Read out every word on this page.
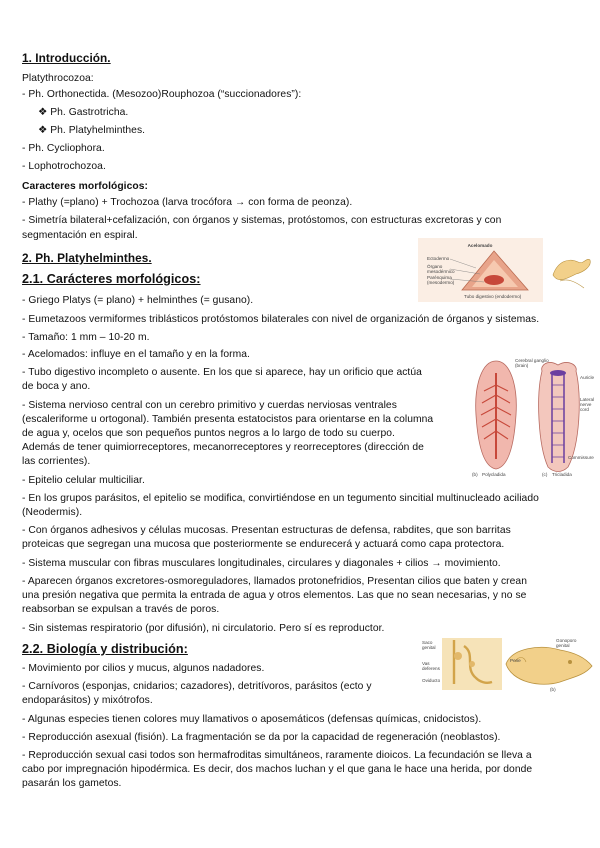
1. Introducción.
Platythrocozoa:
- Ph. Orthonectida. (Mesozoo)Rouphozoa (“succionadores”):
❖ Ph. Gastrotricha.
❖ Ph. Platyhelminthes.
- Ph. Cycliophora.
- Lophotrochozoa.
Caracteres morfológicos:
- Plathy (=plano) + Trochozoa (larva trocófora → con forma de peonza).
- Simetría bilateral+cefalización, con órganos y sistemas, protóstomos, con estructuras excretoras y con
segmentación en espiral.
2. Ph. Platyhelminthes.
2.1. Carácteres morfológicos:
- Griego Platys (= plano) + helminthes (= gusano).
- Eumetazoos vermiformes triblásticos protóstomos bilaterales con nivel de organización de órganos y sistemas.
- Tamaño: 1 mm – 10-20 m.
- Acelomados: influye en el tamaño y en la forma.
- Tubo digestivo incompleto o ausente. En los que si aparece, hay un orificio que actúa
de boca y ano.
- Sistema nervioso central con un cerebro primitivo y cuerdas nerviosas ventrales
(escaleriforme u ortogonal). También presenta estatocistos para orientarse en la columna
de agua y, ocelos que son pequeños puntos negros a lo largo de todo su cuerpo.
Además de tener quimiorreceptores, mecanorreceptores y reorreceptores (dirección de
las corrientes).
- Epitelio celular multiciliar.
- En los grupos parásitos, el epitelio se modifica, convirtiéndose en un tegumento sincitial multinucleado aciliado
(Neodermis).
- Con órganos adhesivos y células mucosas. Presentan estructuras de defensa, rabdites, que son barritas
proteicas que segregan una mucosa que posteriormente se endurecerá y actuará como capa protectora.
- Sistema muscular con fibras musculares longitudinales, circulares y diagonales + cilios → movimiento.
- Aparecen órganos excretores-osmoreguladores, llamados protonefridios, Presentan cilios que baten y crean
una presión negativa que permita la entrada de agua y otros elementos. Las que no sean necesarias, y no se
reabsorban se expulsan a través de poros.
- Sin sistemas respiratorio (por difusión), ni circulatorio. Pero sí es reproductor.
2.2. Biología y distribución:
- Movimiento por cilios y mucus, algunos nadadores.
- Carnívoros (esponjas, cnidarios; cazadores), detritívoros, parásitos (ecto y
endoparásitos) y mixótrofos.
- Algunas especies tienen colores muy llamativos o aposemáticos (defensas químicas, cnidocistos).
- Reproducción asexual (fisión). La fragmentación se da por la capacidad de regeneración (neoblastos).
- Reproducción sexual casi todos son hermafroditas simultáneos, raramente dioicos. La fecundación se lleva a
cabo por impregnación hipodérmica. Es decir, dos machos luchan y el que gana le hace una herida, por donde
pasarán los gametos.
Acelomado
Ectodermo
Órgano
mesodérmico
Parénquima
(mesodermo)
Tubo digestivo (endodermo)
Cerebral ganglio
(brain)
Auricle
Lateral
nerve
cord
Commissure
(b) Polycladida	(c) Tricladida
Saco
genital
Vas
deferens
Oviducto
Pene
Gonoporo
genital
(b)
